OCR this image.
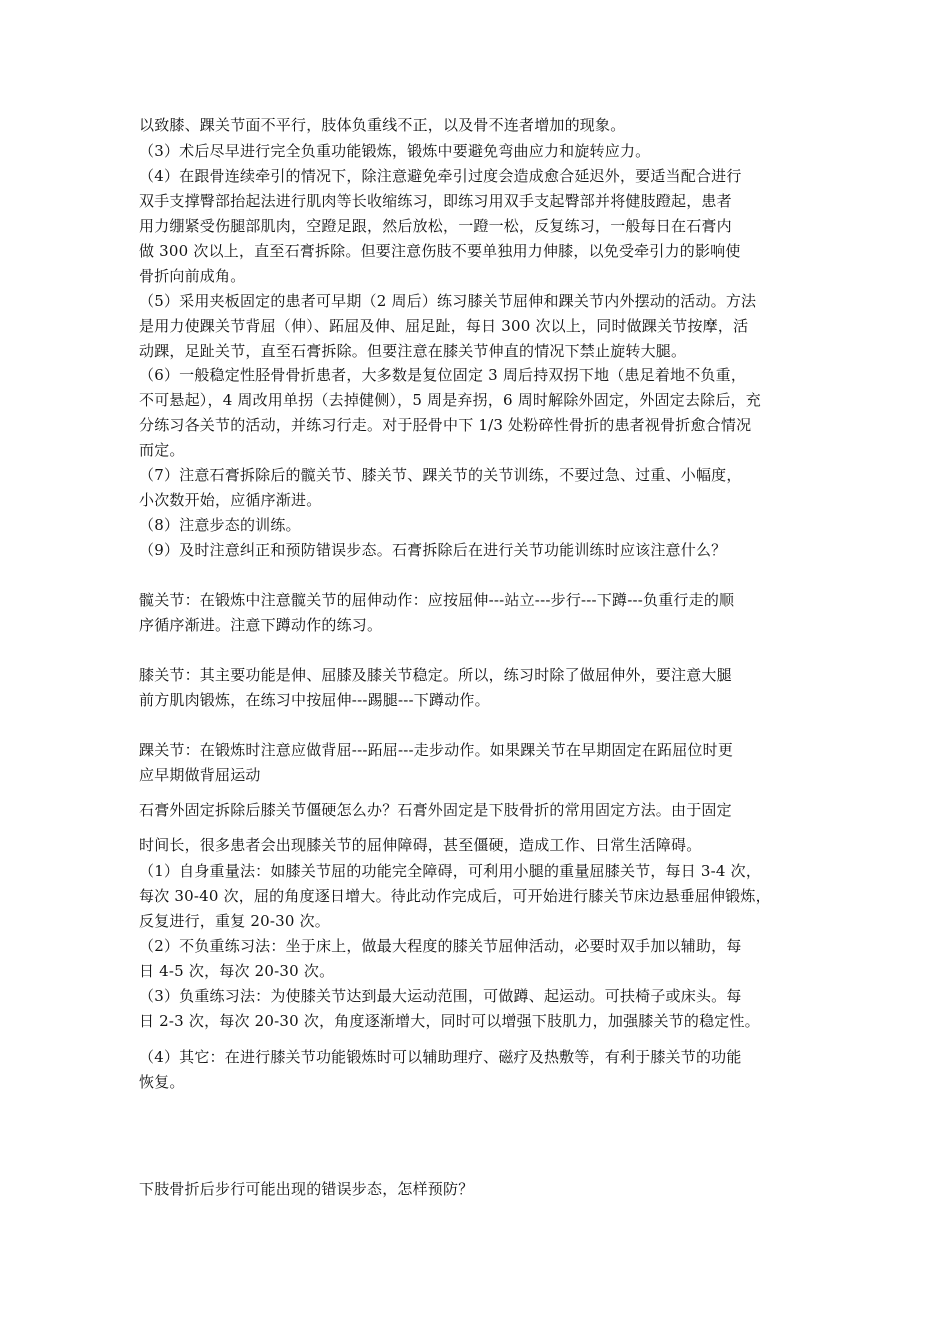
以致膝、踝关节面不平行，肢体负重线不正，以及骨不连者增加的现象。
（3）术后尽早进行完全负重功能锻炼，锻炼中要避免弯曲应力和旋转应力。
（4）在跟骨连续牵引的情况下，除注意避免牵引过度会造成愈合延迟外，要适当配合进行
双手支撑臀部抬起法进行肌肉等长收缩练习，即练习用双手支起臀部并将健肢蹬起，患者
用力绷紧受伤腿部肌肉，空蹬足跟，然后放松，一蹬一松，反复练习，一般每日在石膏内
做 300 次以上，直至石膏拆除。但要注意伤肢不要单独用力伸膝，以免受牵引力的影响使
骨折向前成角。
（5）采用夹板固定的患者可早期（2 周后）练习膝关节屈伸和踝关节内外摆动的活动。方法
是用力使踝关节背屈（伸）、跖屈及伸、屈足趾，每日 300 次以上，同时做踝关节按摩，活
动踝，足趾关节，直至石膏拆除。但要注意在膝关节伸直的情况下禁止旋转大腿。
（6）一般稳定性胫骨骨折患者，大多数是复位固定 3 周后持双拐下地（患足着地不负重，
不可悬起），4 周改用单拐（去掉健侧），5 周是弃拐，6 周时解除外固定，外固定去除后，充
分练习各关节的活动，并练习行走。对于胫骨中下 1/3 处粉碎性骨折的患者视骨折愈合情况
而定。
（7）注意石膏拆除后的髋关节、膝关节、踝关节的关节训练，不要过急、过重、小幅度，
小次数开始，应循序渐进。
（8）注意步态的训练。
（9）及时注意纠正和预防错误步态。石膏拆除后在进行关节功能训练时应该注意什么？
髋关节：在锻炼中注意髋关节的屈伸动作：应按屈伸---站立---步行---下蹲---负重行走的顺
序循序渐进。注意下蹲动作的练习。
膝关节：其主要功能是伸、屈膝及膝关节稳定。所以，练习时除了做屈伸外，要注意大腿
前方肌肉锻炼，在练习中按屈伸---踢腿---下蹲动作。
踝关节：在锻炼时注意应做背屈---跖屈---走步动作。如果踝关节在早期固定在跖屈位时更
应早期做背屈运动
石膏外固定拆除后膝关节僵硬怎么办？石膏外固定是下肢骨折的常用固定方法。由于固定
时间长，很多患者会出现膝关节的屈伸障碍，甚至僵硬，造成工作、日常生活障碍。
（1）自身重量法：如膝关节屈的功能完全障碍，可利用小腿的重量屈膝关节，每日 3-4 次，
每次 30-40 次，屈的角度逐日增大。待此动作完成后，可开始进行膝关节床边悬垂屈伸锻炼，
反复进行，重复 20-30 次。
（2）不负重练习法：坐于床上，做最大程度的膝关节屈伸活动，必要时双手加以辅助，每
日 4-5 次，每次 20-30 次。
（3）负重练习法：为使膝关节达到最大运动范围，可做蹲、起运动。可扶椅子或床头。每
日 2-3 次，每次 20-30 次，角度逐渐增大，同时可以增强下肢肌力，加强膝关节的稳定性。
（4）其它：在进行膝关节功能锻炼时可以辅助理疗、磁疗及热敷等，有利于膝关节的功能
恢复。
下肢骨折后步行可能出现的错误步态，怎样预防？
